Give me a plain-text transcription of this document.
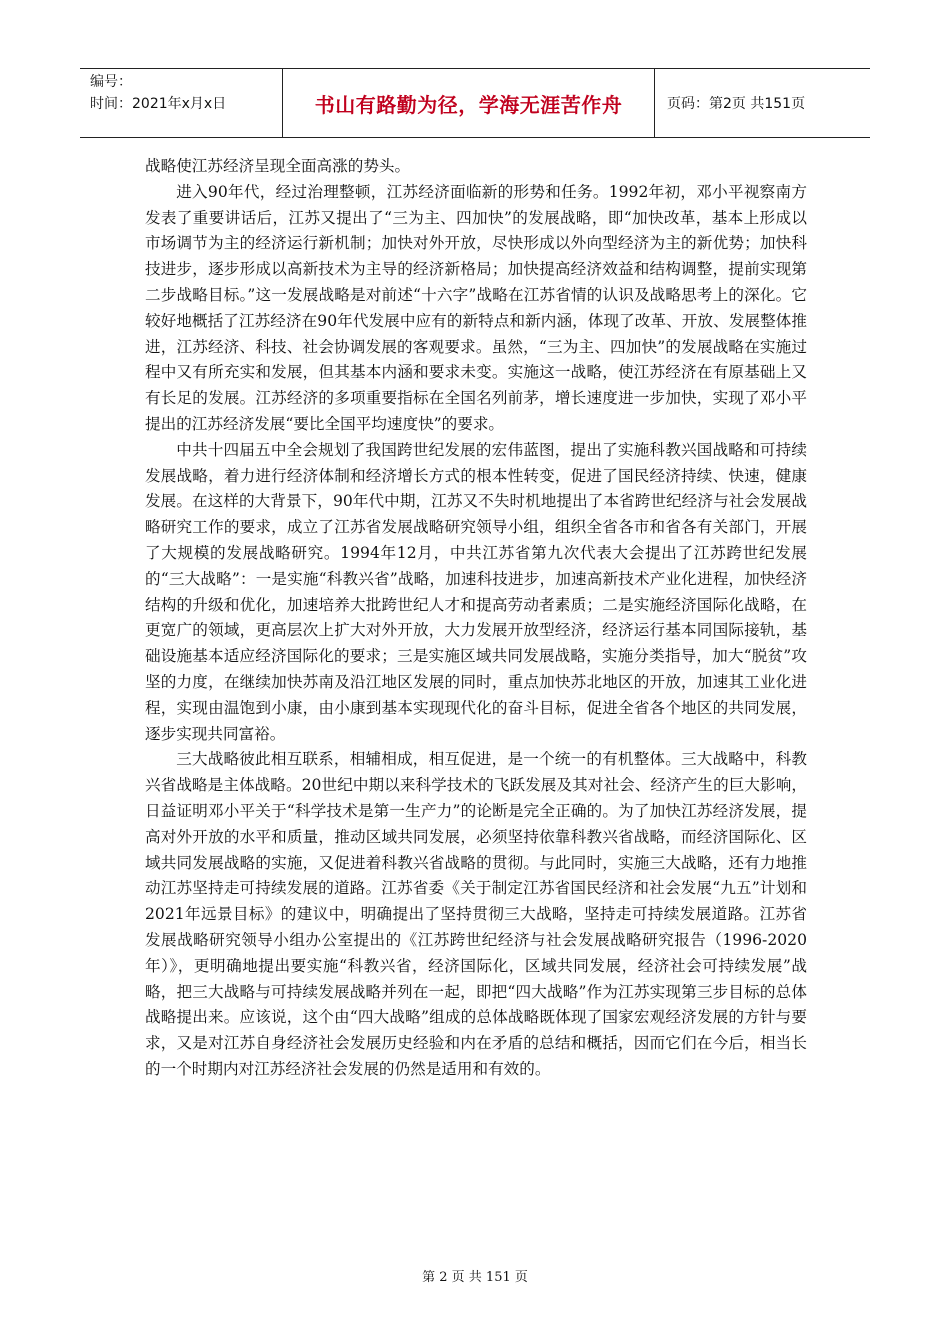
编号：
时间：2021年x月x日	书山有路勤为径，学海无涯苦作舟	页码：第2页 共151页

战略使江苏经济呈现全面高涨的势头。

进入90年代，经过治理整顿，江苏经济面临新的形势和任务。1992年初，邓小平视察南方发表了重要讲话后，江苏又提出了“三为主、四加快”的发展战略，即“加快改革，基本上形成以市场调节为主的经济运行新机制；加快对外开放，尽快形成以外向型经济为主的新优势；加快科技进步，逐步形成以高新技术为主导的经济新格局；加快提高经济效益和结构调整，提前实现第二步战略目标。”这一发展战略是对前述“十六字”战略在江苏省情的认识及战略思考上的深化。它较好地概括了江苏经济在90年代发展中应有的新特点和新内涵，体现了改革、开放、发展整体推进，江苏经济、科技、社会协调发展的客观要求。虽然，“三为主、四加快”的发展战略在实施过程中又有所充实和发展，但其基本内涵和要求未变。实施这一战略，使江苏经济在有原基础上又有长足的发展。江苏经济的多项重要指标在全国名列前茅，增长速度进一步加快，实现了邓小平提出的江苏经济发展“要比全国平均速度快”的要求。

中共十四届五中全会规划了我国跨世纪发展的宏伟蓝图，提出了实施科教兴国战略和可持续发展战略，着力进行经济体制和经济增长方式的根本性转变，促进了国民经济持续、快速，健康发展。在这样的大背景下，90年代中期，江苏又不失时机地提出了本省跨世纪经济与社会发展战略研究工作的要求，成立了江苏省发展战略研究领导小组，组织全省各市和省各有关部门，开展了大规模的发展战略研究。1994年12月，中共江苏省第九次代表大会提出了江苏跨世纪发展的“三大战略”：一是实施“科教兴省”战略，加速科技进步，加速高新技术产业化进程，加快经济结构的升级和优化，加速培养大批跨世纪人才和提高劳动者素质；二是实施经济国际化战略，在更宽广的领域，更高层次上扩大对外开放，大力发展开放型经济，经济运行基本同国际接轨，基础设施基本适应经济国际化的要求；三是实施区域共同发展战略，实施分类指导，加大“脱贫”攻坚的力度，在继续加快苏南及沿江地区发展的同时，重点加快苏北地区的开放，加速其工业化进程，实现由温饱到小康，由小康到基本实现现代化的奋斗目标，促进全省各个地区的共同发展，逐步实现共同富裕。

三大战略彼此相互联系，相辅相成，相互促进，是一个统一的有机整体。三大战略中，科教兴省战略是主体战略。20世纪中期以来科学技术的飞跃发展及其对社会、经济产生的巨大影响，日益证明邓小平关于“科学技术是第一生产力”的论断是完全正确的。为了加快江苏经济发展，提高对外开放的水平和质量，推动区域共同发展，必须坚持依靠科教兴省战略，而经济国际化、区域共同发展战略的实施，又促进着科教兴省战略的贯彻。与此同时，实施三大战略，还有力地推动江苏坚持走可持续发展的道路。江苏省委《关于制定江苏省国民经济和社会发展“九五”计划和2021年远景目标》的建议中，明确提出了坚持贯彻三大战略，坚持走可持续发展道路。江苏省发展战略研究领导小组办公室提出的《江苏跨世纪经济与社会发展战略研究报告（1996-2020年）》，更明确地提出要实施“科教兴省，经济国际化，区域共同发展，经济社会可持续发展”战略，把三大战略与可持续发展战略并列在一起，即把“四大战略”作为江苏实现第三步目标的总体战略提出来。应该说，这个由“四大战略”组成的总体战略既体现了国家宏观经济发展的方针与要求，又是对江苏自身经济社会发展历史经验和内在矛盾的总结和概括，因而它们在今后，相当长的一个时期内对江苏经济社会发展的仍然是适用和有效的。

第 2 页 共 151 页
